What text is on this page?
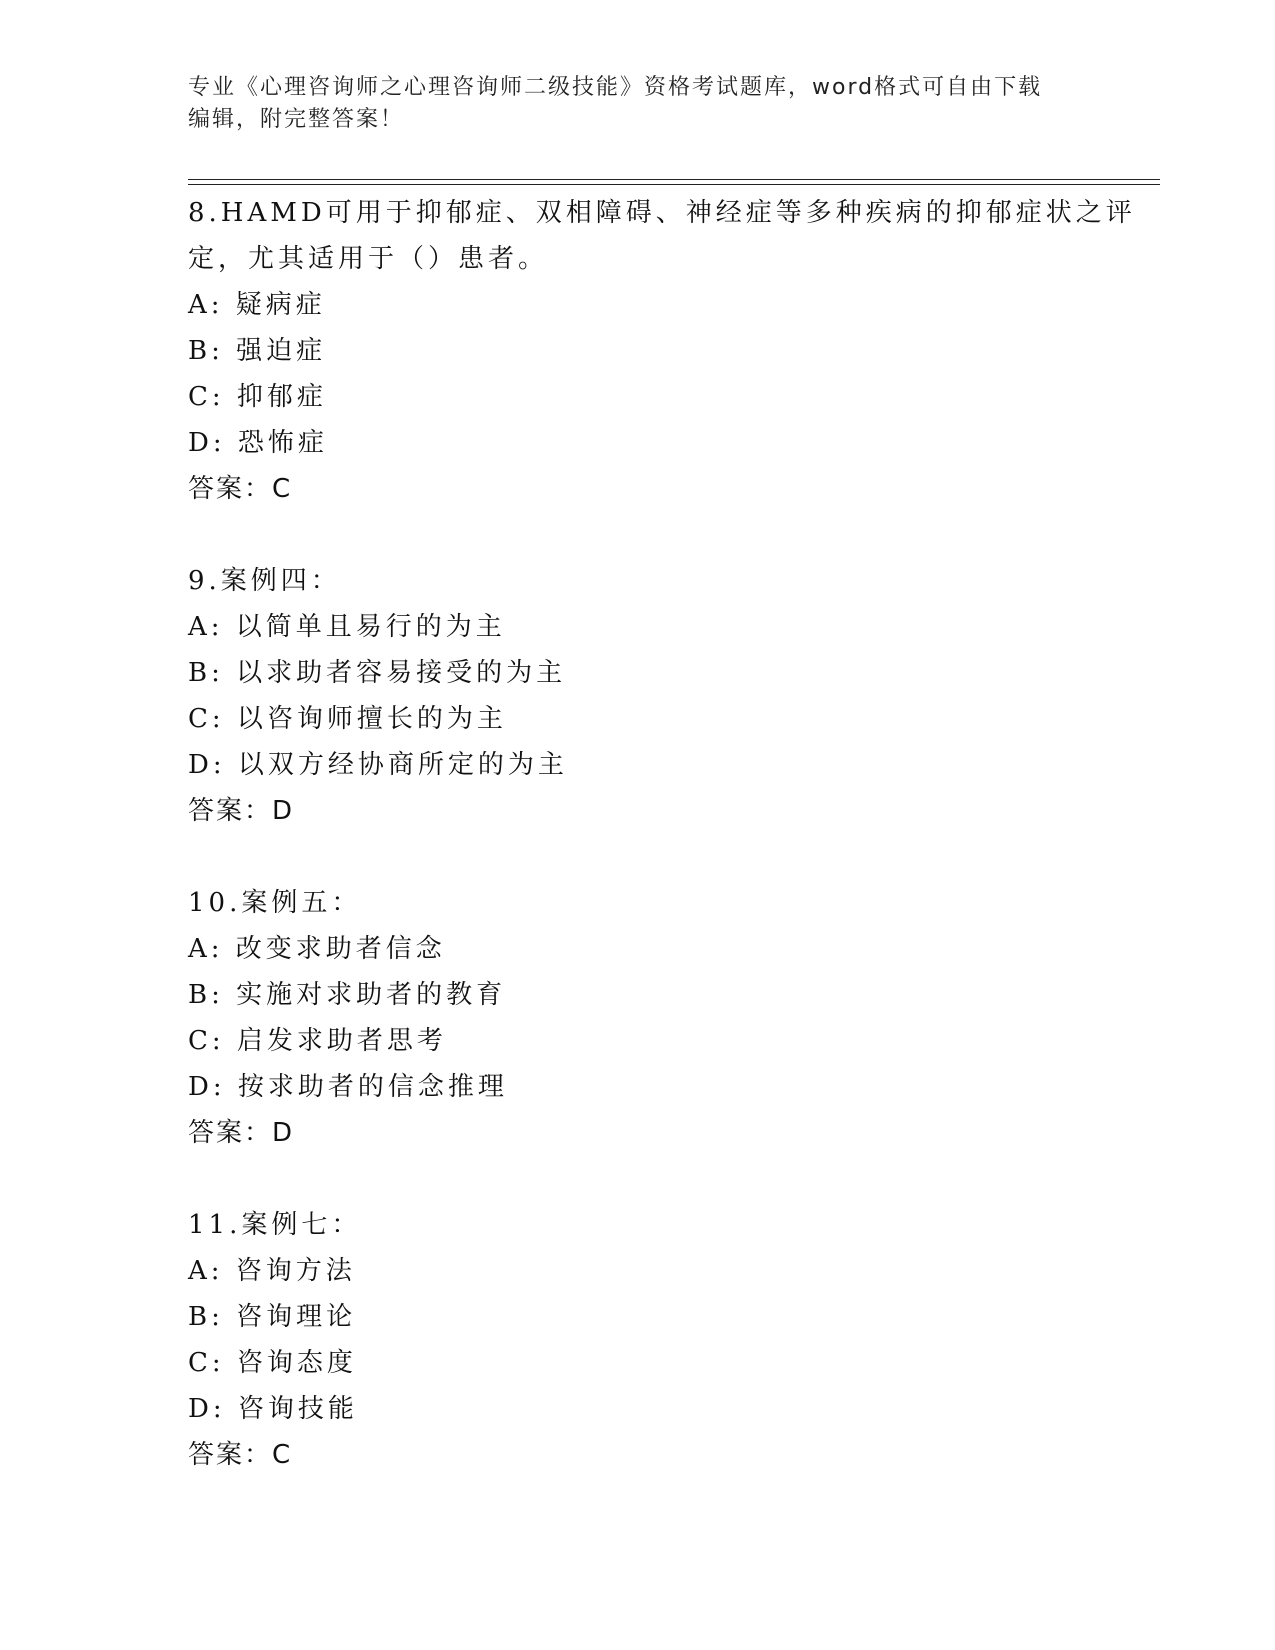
专业《心理咨询师之心理咨询师二级技能》资格考试题库，word格式可自由下载
编辑，附完整答案！
8.HAMD可用于抑郁症、双相障碍、神经症等多种疾病的抑郁症状之评
定，尤其适用于（）患者。
A: 疑病症
B: 强迫症
C: 抑郁症
D: 恐怖症
答案：C
9.案例四：
A: 以简单且易行的为主
B: 以求助者容易接受的为主
C: 以咨询师擅长的为主
D: 以双方经协商所定的为主
答案：D
10.案例五：
A: 改变求助者信念
B: 实施对求助者的教育
C: 启发求助者思考
D: 按求助者的信念推理
答案：D
11.案例七：
A: 咨询方法
B: 咨询理论
C: 咨询态度
D: 咨询技能
答案：C
